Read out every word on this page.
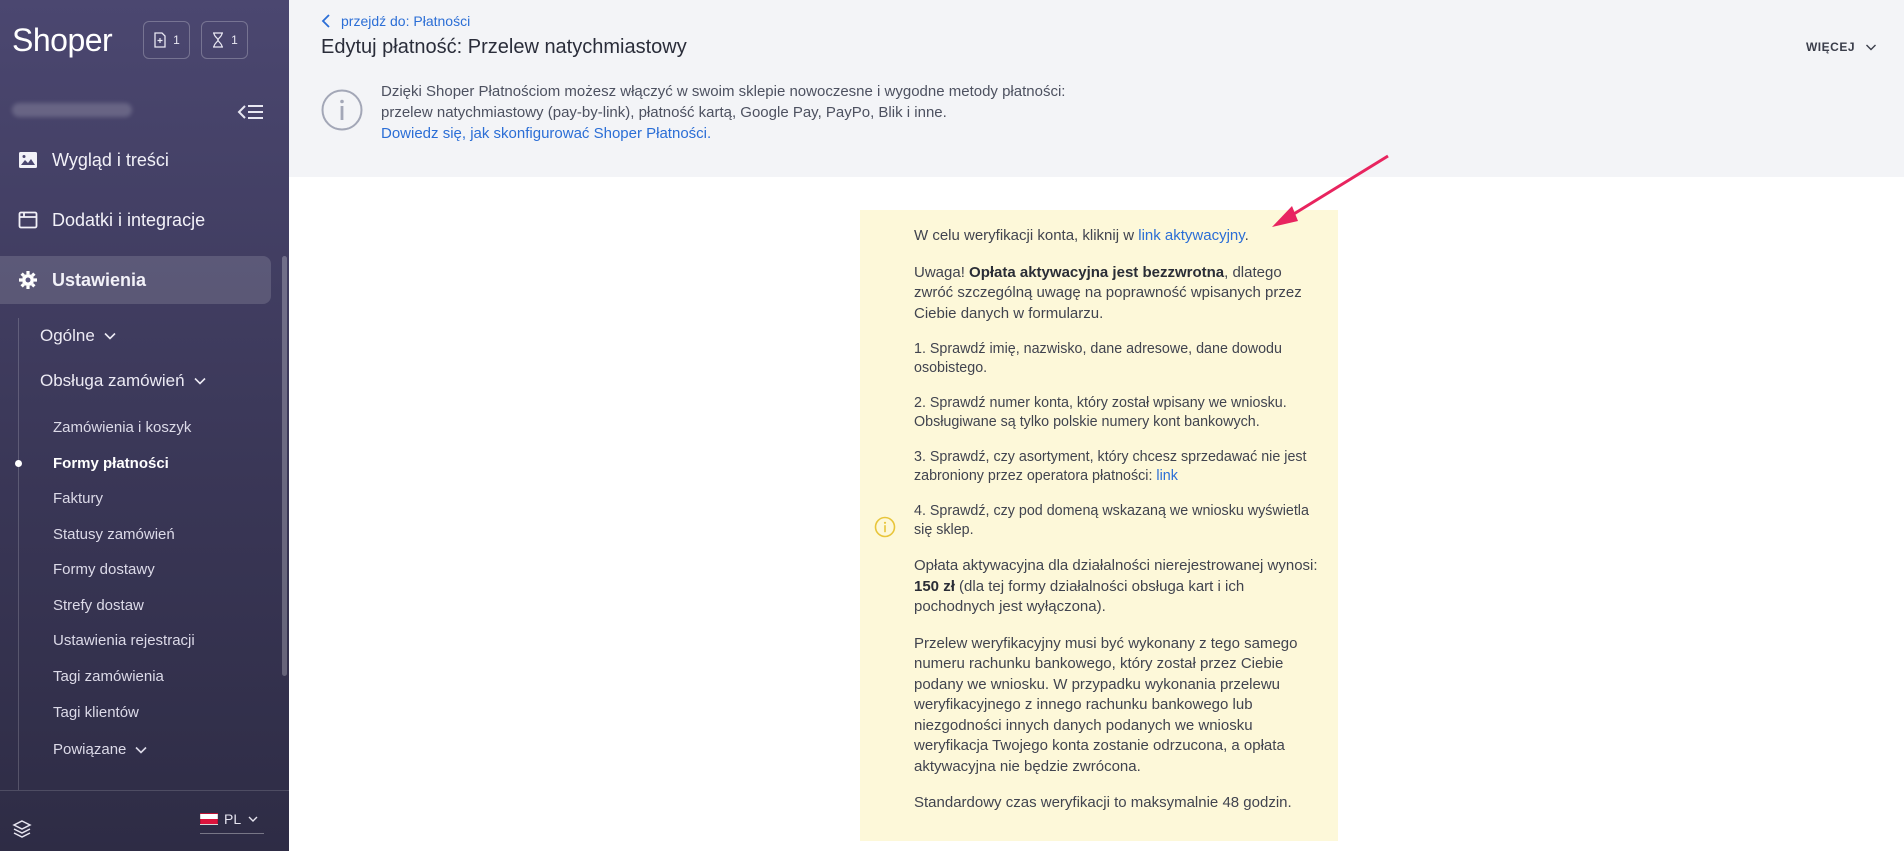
Shoper	1	1
Wygląd i treści
Dodatki i integracje
Ustawienia
Ogólne
Obsługa zamówień
Zamówienia i koszyk
Formy płatności
Faktury
Statusy zamówień
Formy dostawy
Strefy dostaw
Ustawienia rejestracji
Tagi zamówienia
Tagi klientów
Powiązane
PL
przejdź do: Płatności
Edytuj płatność: Przelew natychmiastowy	WIĘCEJ
Dzięki Shoper Płatnościom możesz włączyć w swoim sklepie nowoczesne i wygodne metody płatności:
przelew natychmiastowy (pay-by-link), płatność kartą, Google Pay, PayPo, Blik i inne.
Dowiedz się, jak skonfigurować Shoper Płatności.

W celu weryfikacji konta, kliknij w link aktywacyjny.

Uwaga! Opłata aktywacyjna jest bezzwrotna, dlatego zwróć szczególną uwagę na poprawność wpisanych przez Ciebie danych w formularzu.

1. Sprawdź imię, nazwisko, dane adresowe, dane dowodu osobistego.

2. Sprawdź numer konta, który został wpisany we wniosku. Obsługiwane są tylko polskie numery kont bankowych.

3. Sprawdź, czy asortyment, który chcesz sprzedawać nie jest zabroniony przez operatora płatności: link

4. Sprawdź, czy pod domeną wskazaną we wniosku wyświetla się sklep.

Opłata aktywacyjna dla działalności nierejestrowanej wynosi: 150 zł (dla tej formy działalności obsługa kart i ich pochodnych jest wyłączona).

Przelew weryfikacyjny musi być wykonany z tego samego numeru rachunku bankowego, który został przez Ciebie podany we wniosku. W przypadku wykonania przelewu weryfikacyjnego z innego rachunku bankowego lub niezgodności innych danych podanych we wniosku weryfikacja Twojego konta zostanie odrzucona, a opłata aktywacyjna nie będzie zwrócona.

Standardowy czas weryfikacji to maksymalnie 48 godzin.
